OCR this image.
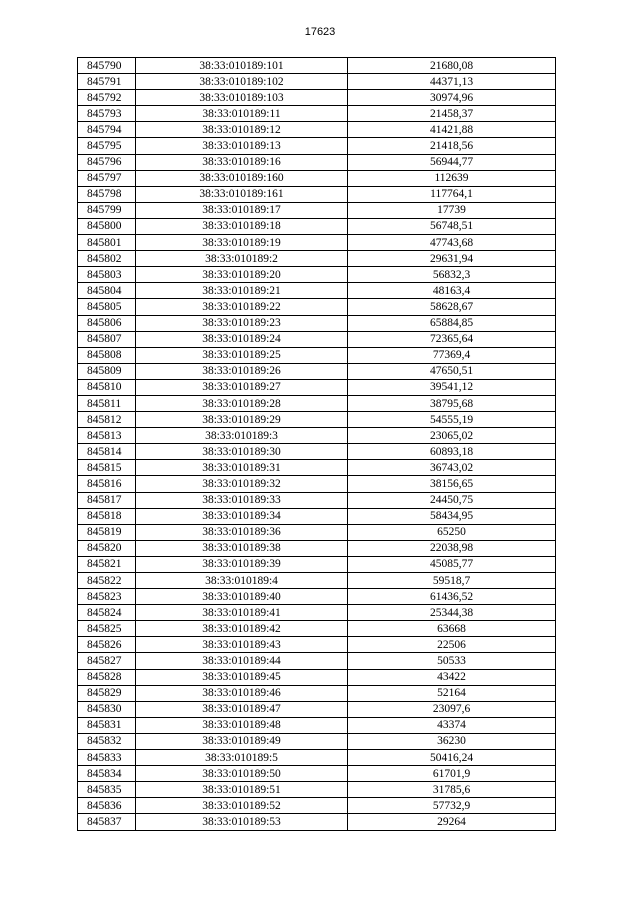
17623
845790	38:33:010189:101	21680,08
845791	38:33:010189:102	44371,13
845792	38:33:010189:103	30974,96
845793	38:33:010189:11	21458,37
845794	38:33:010189:12	41421,88
845795	38:33:010189:13	21418,56
845796	38:33:010189:16	56944,77
845797	38:33:010189:160	112639
845798	38:33:010189:161	117764,1
845799	38:33:010189:17	17739
845800	38:33:010189:18	56748,51
845801	38:33:010189:19	47743,68
845802	38:33:010189:2	29631,94
845803	38:33:010189:20	56832,3
845804	38:33:010189:21	48163,4
845805	38:33:010189:22	58628,67
845806	38:33:010189:23	65884,85
845807	38:33:010189:24	72365,64
845808	38:33:010189:25	77369,4
845809	38:33:010189:26	47650,51
845810	38:33:010189:27	39541,12
845811	38:33:010189:28	38795,68
845812	38:33:010189:29	54555,19
845813	38:33:010189:3	23065,02
845814	38:33:010189:30	60893,18
845815	38:33:010189:31	36743,02
845816	38:33:010189:32	38156,65
845817	38:33:010189:33	24450,75
845818	38:33:010189:34	58434,95
845819	38:33:010189:36	65250
845820	38:33:010189:38	22038,98
845821	38:33:010189:39	45085,77
845822	38:33:010189:4	59518,7
845823	38:33:010189:40	61436,52
845824	38:33:010189:41	25344,38
845825	38:33:010189:42	63668
845826	38:33:010189:43	22506
845827	38:33:010189:44	50533
845828	38:33:010189:45	43422
845829	38:33:010189:46	52164
845830	38:33:010189:47	23097,6
845831	38:33:010189:48	43374
845832	38:33:010189:49	36230
845833	38:33:010189:5	50416,24
845834	38:33:010189:50	61701,9
845835	38:33:010189:51	31785,6
845836	38:33:010189:52	57732,9
845837	38:33:010189:53	29264
